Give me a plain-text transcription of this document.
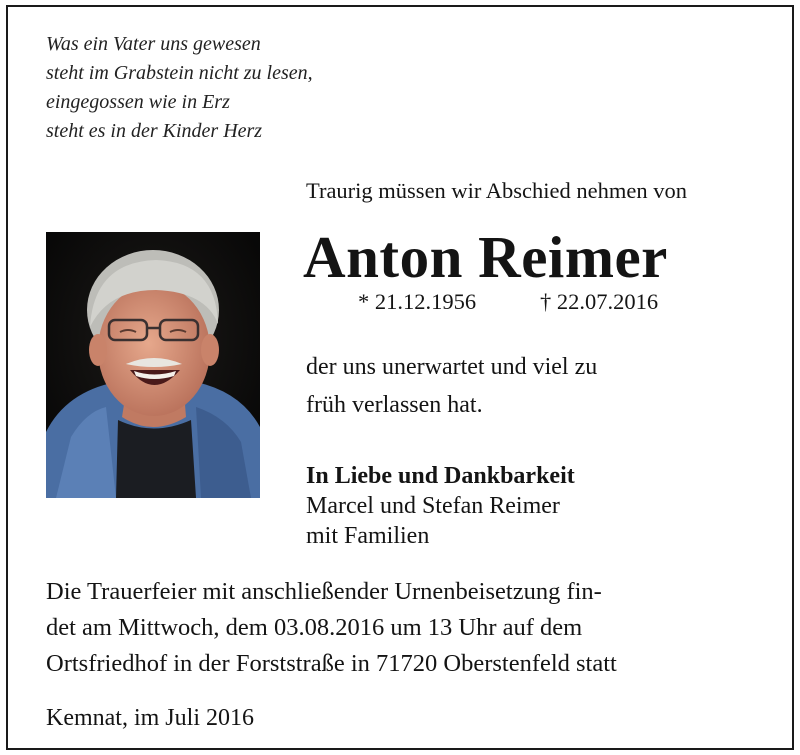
Was ein Vater uns gewesen
steht im Grabstein nicht zu lesen,
eingegossen wie in Erz
steht es in der Kinder Herz
Traurig müssen wir Abschied nehmen von
Anton Reimer
* 21.12.1956	† 22.07.2016
der uns unerwartet und viel zu
früh verlassen hat.
In Liebe und Dankbarkeit
Marcel und Stefan Reimer
mit Familien
Die Trauerfeier mit anschließender Urnenbeisetzung fin-
det am Mittwoch, dem 03.08.2016 um 13 Uhr auf dem
Ortsfriedhof in der Forststraße in 71720 Oberstenfeld statt
Kemnat, im Juli 2016
